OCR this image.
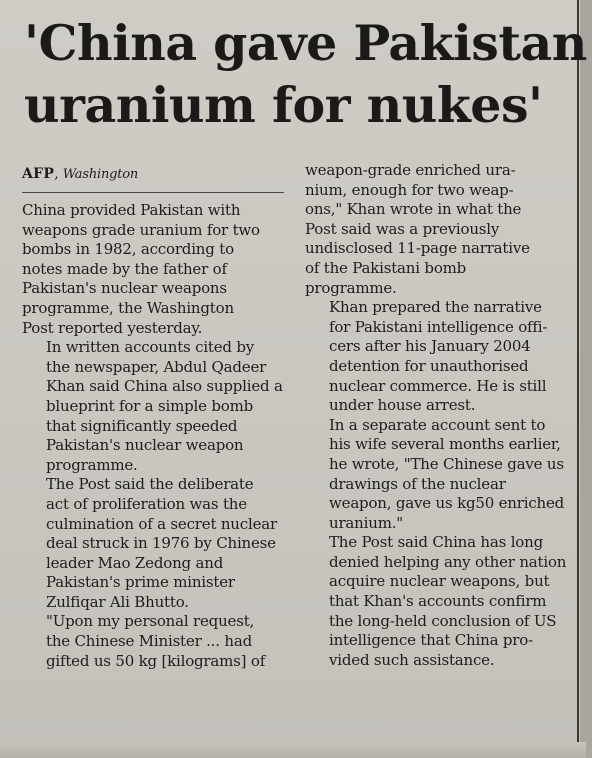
'China gave Pakistan
uranium for nukes'
AFP, Washington

China provided Pakistan with
weapons grade uranium for two
bombs in 1982, according to
notes made by the father of
Pakistan's nuclear weapons
programme, the Washington
Post reported yesterday.

In written accounts cited by
the newspaper, Abdul Qadeer
Khan said China also supplied a
blueprint for a simple bomb
that significantly speeded
Pakistan's nuclear weapon
programme.

The Post said the deliberate
act of proliferation was the
culmination of a secret nuclear
deal struck in 1976 by Chinese
leader Mao Zedong and
Pakistan's prime minister
Zulfiqar Ali Bhutto.

"Upon my personal request,
the Chinese Minister ... had
gifted us 50 kg [kilograms] of

weapon-grade enriched ura-
nium, enough for two weap-
ons," Khan wrote in what the
Post said was a previously
undisclosed 11-page narrative
of the Pakistani bomb
programme.

Khan prepared the narrative
for Pakistani intelligence offi-
cers after his January 2004
detention for unauthorised
nuclear commerce. He is still
under house arrest.

In a separate account sent to
his wife several months earlier,
he wrote, "The Chinese gave us
drawings of the nuclear
weapon, gave us kg50 enriched
uranium."

The Post said China has long
denied helping any other nation
acquire nuclear weapons, but
that Khan's accounts confirm
the long-held conclusion of US
intelligence that China pro-
vided such assistance.
